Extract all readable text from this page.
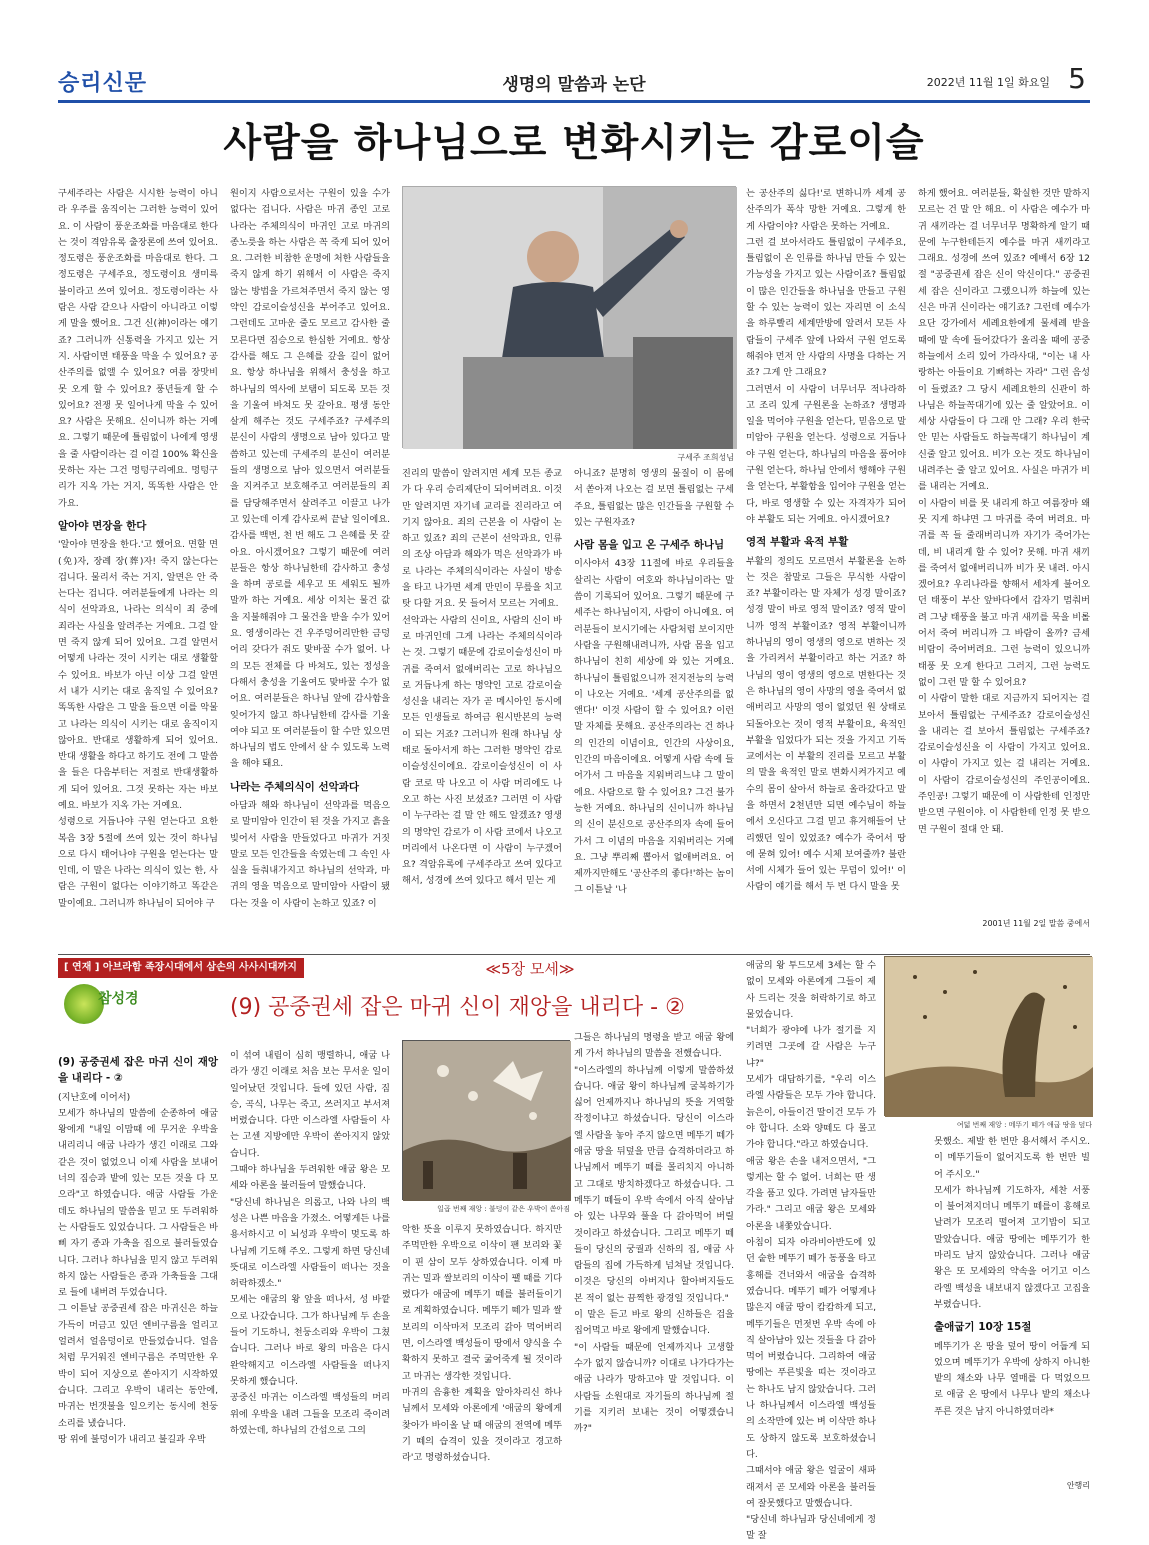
승리신문	생명의 말씀과 논단	2022년 11월 1일 화요일 5
사람을 하나님으로 변화시키는 감로이슬

구세주라는 사람은 시시한 능력이 아니라 우주를 움직이는 그러한 능력이 있어요. 이 사람이 풍운조화를 마음대로 한다는 것이 격암유록 출장론에 쓰여 있어요. 정도령은 풍운조화를 마음대로 한다. 그 정도령은 구세주요, 정도령이요 생미륵불이라고 쓰여 있어요. 정도령이라는 사람은 사람 같으나 사람이 아니라고 이렇게 말을 했어요. 그건 신(神)이라는 얘기죠? 그러니까 신통력을 가지고 있는 거지. 사람이면 태풍을 막을 수 있어요? 공산주의를 없앨 수 있어요? 여름 장맛비 못 오게 할 수 있어요? 풍년들게 할 수 있어요? 전쟁 못 일어나게 막을 수 있어요? 사람은 못해요. 신이니까 하는 거예요. 그렇기 때문에 틀림없이 나에게 영생을 줄 사람이라는 걸 이걸 100% 확신을 못하는 자는 그건 멍텅구리예요. 멍텅구리가 지옥 가는 거지, 똑똑한 사람은 안 가요.

알아야 면장을 한다

'알아야 면장을 한다.'고 했어요. 면할 면(免)자, 장례 장(葬)자! 죽지 않는다는 겁니다. 물리서 죽는 거지, 알면은 안 죽는다는 겁니다. 여러분들에게 나라는 의식이 선악과요, 나라는 의식이 죄 중에 죄라는 사실을 알려주는 거예요. 그걸 알면 죽지 않게 되어 있어요. 그걸 알면서 어떻게 나라는 것이 시키는 대로 생활할 수 있어요. 바보가 아닌 이상 그걸 알면서 내가 시키는 대로 움직일 수 있어요? 똑똑한 사람은 그 말을 들으면 이를 악물고 나라는 의식이 시키는 대로 움직이지 않아요. 반대로 생활하게 되어 있어요. 반대 생활을 하다고 하기도 전에 그 말씀을 들은 다음부터는 저절로 반대생활하게 되어 있어요. 그것 못하는 자는 바보예요. 바보가 지옥 가는 거예요.

성령으로 거듭나야 구원 얻는다고 요한복음 3장 5절에 쓰여 있는 것이 하나님으로 다시 태어나야 구원을 얻는다는 말인데, 이 말은 나라는 의식이 있는 한, 사람은 구원이 없다는 이야기하고 똑같은 말이예요. 그러니까 하나님이 되어야 구

원이지 사람으로서는 구원이 있을 수가 없다는 겁니다. 사람은 마귀 종인 고로 나라는 주체의식이 마귀인 고로 마귀의 종노릇을 하는 사람은 꼭 죽게 되어 있어요. 그러한 비참한 운명에 처한 사람들을 죽지 않게 하기 위해서 이 사람은 죽지 않는 방법을 가르쳐주면서 죽지 않는 영약인 감로이슬성신을 부어주고 있어요. 그런데도 고마운 줄도 모르고 감사한 줄 모른다면 짐승으로 한심한 거예요. 항상 감사를 해도 그 은혜를 갚을 길이 없어요. 항상 하나님을 위해서 충성을 하고 하나님의 역사에 보탬이 되도록 모든 것을 기울여 바쳐도 못 갚아요. 평생 동안 살게 해주는 것도 구세주죠? 구세주의 분신이 사람의 생명으로 남아 있다고 말씀하고 있는데 구세주의 분신이 여러분들의 생명으로 남아 있으면서 여러분들을 지켜주고 보호해주고 여러분들의 죄를 담당해주면서 살려주고 이끌고 나가고 있는데 이게 감사로써 끝날 일이에요. 감사를 백번, 천 번 해도 그 은혜를 못 갚아요. 아시겠어요? 그렇기 때문에 여러분들은 항상 하나님한테 감사하고 충성을 하며 공로를 세우고 또 세워도 될까 말까 하는 거예요. 세상 이치는 물건 값을 지불해줘야 그 물건을 받을 수가 있어요. 영생이라는 건 우주덩어리만한 금덩어리 갖다가 줘도 맞바꿀 수가 없어. 나의 모든 전체를 다 바쳐도, 있는 정성을 다해서 충성을 기울여도 맞바꿀 수가 없어요. 여러분들은 하나님 앞에 감사함을 잊어가지 않고 하나님한테 감사를 기울여야 되고 또 여러분들이 할 수만 있으면 하나님의 법도 안에서 살 수 있도록 노력을 해야 돼요.

나라는 주체의식이 선악과다

아담과 해와 하나님이 선악과를 먹음으로 말미암아 인간이 된 것을 가지고 흙을 빚어서 사람을 만들었다고 마귀가 거짓말로 모든 인간들을 속였는데 그 속인 사실을 들춰내가지고 하나님의 선악과, 마귀의 영을 먹음으로 말미암아 사람이 됐다는 것을 이 사람이 논하고 있죠? 이

구세주 조희성님

진리의 말씀이 알려지면 세계 모든 종교가 다 우리 승리제단이 되어버려요. 이것만 알려지면 자기네 교리를 진리라고 여기지 않아요. 죄의 근본을 이 사람이 논하고 있죠? 죄의 근본이 선악과요, 인류의 조상 아담과 해와가 먹은 선악과가 바로 나라는 주체의식이라는 사실이 방송을 타고 나가면 세계 만민이 무릎을 치고 탓 다할 거요. 못 들어서 모르는 거예요.

선악과는 사람의 신이요, 사람의 신이 바로 마귀인데 그게 나라는 주체의식이라는 것. 그렇기 때문에 감로이슬성신이 마귀를 죽여서 없애버리는 고로 하나님으로 거듭나게 하는 명약인 고로 감로이슬성신을 내리는 자가 곧 메시아인 동시에 모든 인생들로 하여금 원시반본의 능력이 되는 거죠? 그러니까 원래 하나님 상태로 돌아서게 하는 그러한 명약인 감로이슬성신이에요. 감로이슬성신이 이 사람 코로 막 나오고 이 사람 머리에도 나오고 하는 사진 보셨죠? 그러면 이 사람이 누구라는 걸 말 안 해도 알겠죠? 영생의 명약인 감로가 이 사람 코에서 나오고 머리에서 나온다면 이 사람이 누구겠어요? 격암유록에 구세주라고 쓰여 있다고 해서, 성경에 쓰여 있다고 해서 믿는 게

아니죠? 분명히 영생의 물질이 이 몸에서 쏟아져 나오는 걸 보면 틀림없는 구세주요, 틀림없는 많은 인간들을 구원할 수 있는 구원자죠?

사람 몸을 입고 온 구세주 하나님

이사야서 43장 11절에 바로 우리들을 살리는 사람이 여호와 하나님이라는 말씀이 기록되어 있어요. 그렇기 때문에 구세주는 하나님이지, 사람이 아니예요. 여러분들이 보시기에는 사람처럼 보이지만 사람을 구원해내려니까, 사람 몸을 입고 하나님이 친히 세상에 와 있는 거예요. 하나님이 틀림없으니까 전지전능의 능력이 나오는 거예요. '세계 공산주의를 없앤다!' 이것 사람이 할 수 있어요? 이런 말 자체를 못해요. 공산주의라는 건 하나의 인간의 이념이요, 인간의 사상이요, 인간의 마음이에요. 어떻게 사람 속에 들어가서 그 마음을 지워버리느냐 그 말이에요. 사람으로 할 수 있어요? 그건 불가능한 거예요. 하나님의 신이니까 하나님의 신이 분신으로 공산주의자 속에 들어가서 그 이념의 마음을 지워버리는 거예요. 그냥 뿌리째 뽑아서 없애버려요. 어제까지만해도 '공산주의 좋다!'하는 놈이 그 이튿날 '나

는 공산주의 싫다!'로 변하니까 세계 공산주의가 폭삭 망한 거예요. 그렇게 한 게 사람이야? 사람은 못하는 거예요.

그런 걸 보아서라도 틀림없이 구세주요, 틀림없이 온 인류를 하나님 만들 수 있는 가능성을 가지고 있는 사람이죠? 틀림없이 많은 인간들을 하나님을 만들고 구원할 수 있는 능력이 있는 자리면 이 소식을 하루빨리 세계만방에 알려서 모든 사람들이 구세주 앞에 나와서 구원 얻도록 해줘야 먼저 안 사람의 사명을 다하는 거죠? 그게 안 그래요?

그러면서 이 사람이 너무너무 적나라하고 조리 있게 구원론을 논하죠? 생명과일을 먹어야 구원을 얻는다, 믿음으로 말미암아 구원을 얻는다. 성령으로 거듭나야 구원 얻는다, 하나님의 마음을 품어야 구원 얻는다, 하나님 안에서 행해야 구원을 얻는다, 부활함을 입어야 구원을 얻는다, 바로 영생할 수 있는 자격자가 되어야 부활도 되는 거예요. 아시겠어요?

영적 부활과 육적 부활

부활의 정의도 모르면서 부활론을 논하는 것은 참말로 그들은 무식한 사람이죠? 부활이라는 말 자체가 성경 말이죠? 성경 말이 바로 영적 말이죠? 영적 말이니까 영적 부활이죠? 영적 부활이니까 하나님의 영이 영생의 영으로 변하는 것을 가리켜서 부활이라고 하는 거죠? 하나님의 영이 영생의 영으로 변한다는 것은 하나님의 영이 사망의 영을 죽여서 없애버리고 사망의 영이 없었던 원 상태로 되돌아오는 것이 영적 부활이요, 육적인 부활을 입었다가 되는 것을 가지고 기독교에서는 이 부활의 진리를 모르고 부활의 말을 육적인 말로 변화시켜가지고 예수의 몸이 살아서 하늘로 올라갔다고 말을 하면서 2천년만 되면 예수님이 하늘에서 오신다고 그걸 믿고 휴거해들어 난리했던 일이 있었죠? 예수가 죽어서 땅에 묻혀 있어! 예수 시체 보여줄까? 불란서에 시체가 들어 있는 무덤이 있어!' 이 사람이 얘기를 해서 두 번 다시 말을 못

하게 했어요. 여러분들, 확실한 것만 말하지 모르는 건 말 안 해요. 이 사람은 예수가 마귀 새끼라는 걸 너무너무 명확하게 알기 때문에 누구한테든지 예수를 마귀 새끼라고 그래요. 성경에 쓰여 있죠? 예배서 6장 12절 "공중권세 잡은 신이 악신이다." 공중권세 잡은 신이라고 그랬으니까 하늘에 있는 신은 마귀 신이라는 얘기죠? 그런데 예수가 요단 강가에서 세례요한에게 물세례 받을 때에 말 속에 들어갔다가 올리올 때에 공중하늘에서 소리 있어 가라사대, "이는 내 사랑하는 아들이요 기뻐하는 자라" 그런 음성이 들렸죠? 그 당시 세례요한의 신관이 하나님은 하늘꼭대기에 있는 줄 알았어요. 이 세상 사람들이 다 그래 안 그래? 우리 한국 안 믿는 사람들도 하늘꼭대기 하나님이 계신줄 알고 있어요. 비가 오는 것도 하나님이 내려주는 줄 알고 있어요. 사실은 마귀가 비를 내리는 거예요.

이 사람이 비를 못 내리게 하고 여름장마 왜 못 지게 하냐면 그 마귀를 죽여 버려요. 마귀를 꼭 들 줄래버리니까 자기가 죽어가는데, 비 내리게 할 수 있어? 못해. 마귀 새끼를 죽여서 없애버리니까 비가 못 내려. 아시겠어요? 우리나라를 향해서 세차게 불어오던 태풍이 부산 앞바다에서 갑자기 멈춰버려 그냥 태풍을 불고 마귀 새끼를 묵을 비롤어서 죽여 버리니까 그 바람이 올까? 금세 비람이 죽어버려요. 그런 능력이 있으니까 태풍 못 오게 한다고 그러지, 그런 능력도 없이 그런 말 할 수 있어요?

이 사람이 말한 대로 지금까지 되어지는 걸 보아서 틀림없는 구세주죠? 감로이슬성신을 내리는 걸 보아서 틀림없는 구세주죠? 감로이슬성신을 이 사람이 가지고 있어요. 이 사람이 가지고 있는 걸 내리는 거예요. 이 사람이 감로이슬성신의 주인공이에요. 주인공! 그렇기 때문에 이 사람한테 인정만 받으면 구원이야. 이 사람한테 인정 못 받으면 구원이 절대 안 돼.

2001년 11월 2일 말씀 중에서
[ 연재 ] 아브라함 족장시대에서 삼손의 사사시대까지	≪5장 모세≫
참성경	(9) 공중권세 잡은 마귀 신이 재앙을 내리다 - ②
(9) 공중권세 잡은 마귀 신이 재앙을 내리다 - ②

(지난호에 이어서)

모세가 하나님의 말씀에 순종하여 애굽 왕에게 "내일 이맘때 에 무거운 우박을 내리리니 애굽 나라가 생긴 이래로 그와 같은 것이 없었으니 이제 사람을 보내어 너의 짐승과 밭에 있는 모든 것을 다 모으라"고 하였습니다. 애굽 사람들 가운데도 하나님의 말씀을 믿고 또 두려워하는 사람들도 있었습니다. 그 사람들은 바삐 자기 종과 가축을 집으로 불러들였습니다. 그러나 하나님을 믿지 않고 두려워하지 않는 사람들은 종과 가축들을 그대로 들에 내버려 두었습니다.

그 이튿날 공중권세 잡은 마귀신은 하늘 가득이 머금고 있던 엔비구름을 얼리고 얼려서 얼음덩이로 만들었습니다. 얼음처럼 무거워진 엔비구름은 주먹만한 우박이 되어 지상으로 쏟아지기 시작하였습니다. 그리고 우박이 내리는 동안에, 마귀는 번갯불을 일으키는 동시에 천둥소리를 냈습니다.

땅 위에 불덩이가 내리고 불길과 우박

이 섞여 내림이 심히 맹렬하니, 애굽 나라가 생긴 이래로 처음 보는 무서운 일이 일어났던 것입니다. 들에 있던 사람, 짐승, 곡식, 나무는 죽고, 쓰러지고 부서져 버렸습니다. 다만 이스라엘 사람들이 사는 고센 지방에만 우박이 쏟아지지 않았습니다.

그때야 하나님을 두려워한 애굽 왕은 모세와 아론을 불러들여 말했습니다.

"당신네 하나님은 의롭고, 나와 나의 백성은 나쁜 마음을 가졌소. 어떻게든 나를 용서하시고 이 뇌성과 우박이 멎도록 하나님께 기도해 주오. 그렇게 하면 당신네 뜻대로 이스라엘 사람들이 떠나는 것을 허락하겠소."

모세는 애굽의 왕 앞을 떠나서, 성 바깥으로 나갔습니다. 그가 하나님께 두 손을 들어 기도하니, 천둥소리와 우박이 그쳤습니다. 그러나 바로 왕의 마음은 다시 완악해지고 이스라엘 사람들을 떠나지 못하게 했습니다.

공중신 마귀는 이스라엘 백성들의 머리 위에 우박을 내려 그들을 모조리 죽이려 하였는데, 하나님의 간섭으로 그의

일곱 번째 재앙 : 불덩이 같은 우박이 쏟아짐

악한 뜻을 이루지 못하였습니다. 하지만 주먹만한 우박으로 이삭이 팬 보리와 꽃이 핀 삼이 모두 상하였습니다. 이제 마귀는 밀과 쌀보리의 이삭이 팰 때를 기다렸다가 애굽에 메뚜기 떼를 불러들이기로 계획하였습니다. 메뚜기 떼가 밀과 쌀보리의 이삭마저 모조리 갉아 먹어버리면, 이스라엘 백성들이 땅에서 양식을 수확하지 못하고 결국 굶어죽게 될 것이라고 마귀는 생각한 것입니다.

마귀의 음흉한 계획을 알아차리신 하나님께서 모세와 아론에게 '애굽의 왕에게 찾아가 바이올 날 때 애굽의 전역에 메뚜기 떼의 습격이 있을 것이라고 경고하라'고 명령하셨습니다.

그들은 하나님의 명령을 받고 애굽 왕에게 가서 하나님의 말씀을 전했습니다.

"이스라엘의 하나님께 이렇게 말씀하셨습니다. 애굽 왕이 하나님께 굴복하기가 싫어 언제까지나 하나님의 뜻을 거역할 작정이냐고 하셨습니다. 당신이 이스라엘 사람을 놓아 주지 않으면 메뚜기 떼가 애굽 땅을 뒤덮을 만큼 습격하더라고 하나님께서 메뚜기 떼를 몰리치지 아니하고 그대로 방치하겠다고 하셨습니다. 그 메뚜기 떼들이 우박 속에서 아직 살아남아 있는 나무와 풀을 다 갉아먹어 버릴 것이라고 하셨습니다. 그리고 메뚜기 떼들이 당신의 궁궐과 신하의 집, 애굽 사람들의 집에 가득하게 넘쳐날 것입니다. 이것은 당신의 아버지나 할아버지들도 본 적이 없는 끔찍한 광경일 것입니다."

이 말은 듣고 바로 왕의 신하들은 겁을 집어먹고 바로 왕에게 말했습니다.

"이 사람들 때문에 언제까지나 고생할 수가 없지 않습니까? 이대로 나가다가는 애굽 나라가 망하고야 말 것입니다. 이 사람들 소원대로 자기들의 하나님께 절기를 지키러 보내는 것이 어떻겠습니까?"

애굽의 왕 투드모세 3세는 할 수 없이 모세와 아론에게 그들이 제사 드리는 것을 허락하기로 하고 물었습니다.

"너희가 광야에 나가 절기를 지키려면 그곳에 갈 사람은 누구냐?"

모세가 대답하기를, "우리 이스라엘 사람들은 모두 가야 합니다. 늙은이, 아들이건 딸이건 모두 가야 합니다. 소와 양떼도 다 몰고 가야 합니다."라고 하였습니다.

애굽 왕은 손을 내저으면서, "그렇게는 할 수 없어. 너희는 딴 생각을 품고 있다. 가려면 남자들만 가라." 그리고 애굽 왕은 모세와 아론을 내쫓았습니다.

아침이 되자 아라비아반도에 있던 숱한 메뚜기 떼가 동풍을 타고 홍해를 건너와서 애굽을 습격하였습니다. 메뚜기 떼가 어떻게나 많은지 애굽 땅이 캄캄하게 되고, 메뚜기들은 먼젓번 우박 속에 아직 살아남아 있는 것들을 다 갉아먹어 버렸습니다. 그리하여 애굽 땅에는 푸른빛을 띠는 것이라고는 하나도 남지 않았습니다. 그러나 하나님께서 이스라엘 백성들의 소작만에 있는 벼 이삭만 하나도 상하지 않도록 보호하셨습니다.

그때서야 애굽 왕은 얼굴이 새파래져서 곧 모세와 아론을 불러들여 잘못했다고 말했습니다.

"당신네 하나님과 당신네에게 정말 잘

여덟 번째 재앙 : 메뚜기 떼가 애굽 땅을 덮다

못했소. 제발 한 번만 용서해서 주시오. 이 메뚜기들이 없어지도록 한 번만 빌어 주시오."

모세가 하나님께 기도하자, 세찬 서풍이 불어져지더니 메뚜기 떼를이 홍해로 날려가 모조리 떨어져 고기밥이 되고 말았습니다. 애굽 땅에는 메뚜기가 한 마리도 남지 않았습니다. 그러나 애굽 왕은 또 모세와의 약속을 어기고 이스라엘 백성을 내보내지 않겠다고 고집을 부렸습니다.

출애굽기 10장 15절

메뚜기가 온 땅을 덮어 땅이 어둡게 되었으며 메뚜기가 우박에 상하지 아니한 밭의 채소와 나무 열매를 다 먹었으므로 애굽 온 땅에서 나무나 밭의 채소나 푸른 것은 남지 아니하였더라*

안행리
